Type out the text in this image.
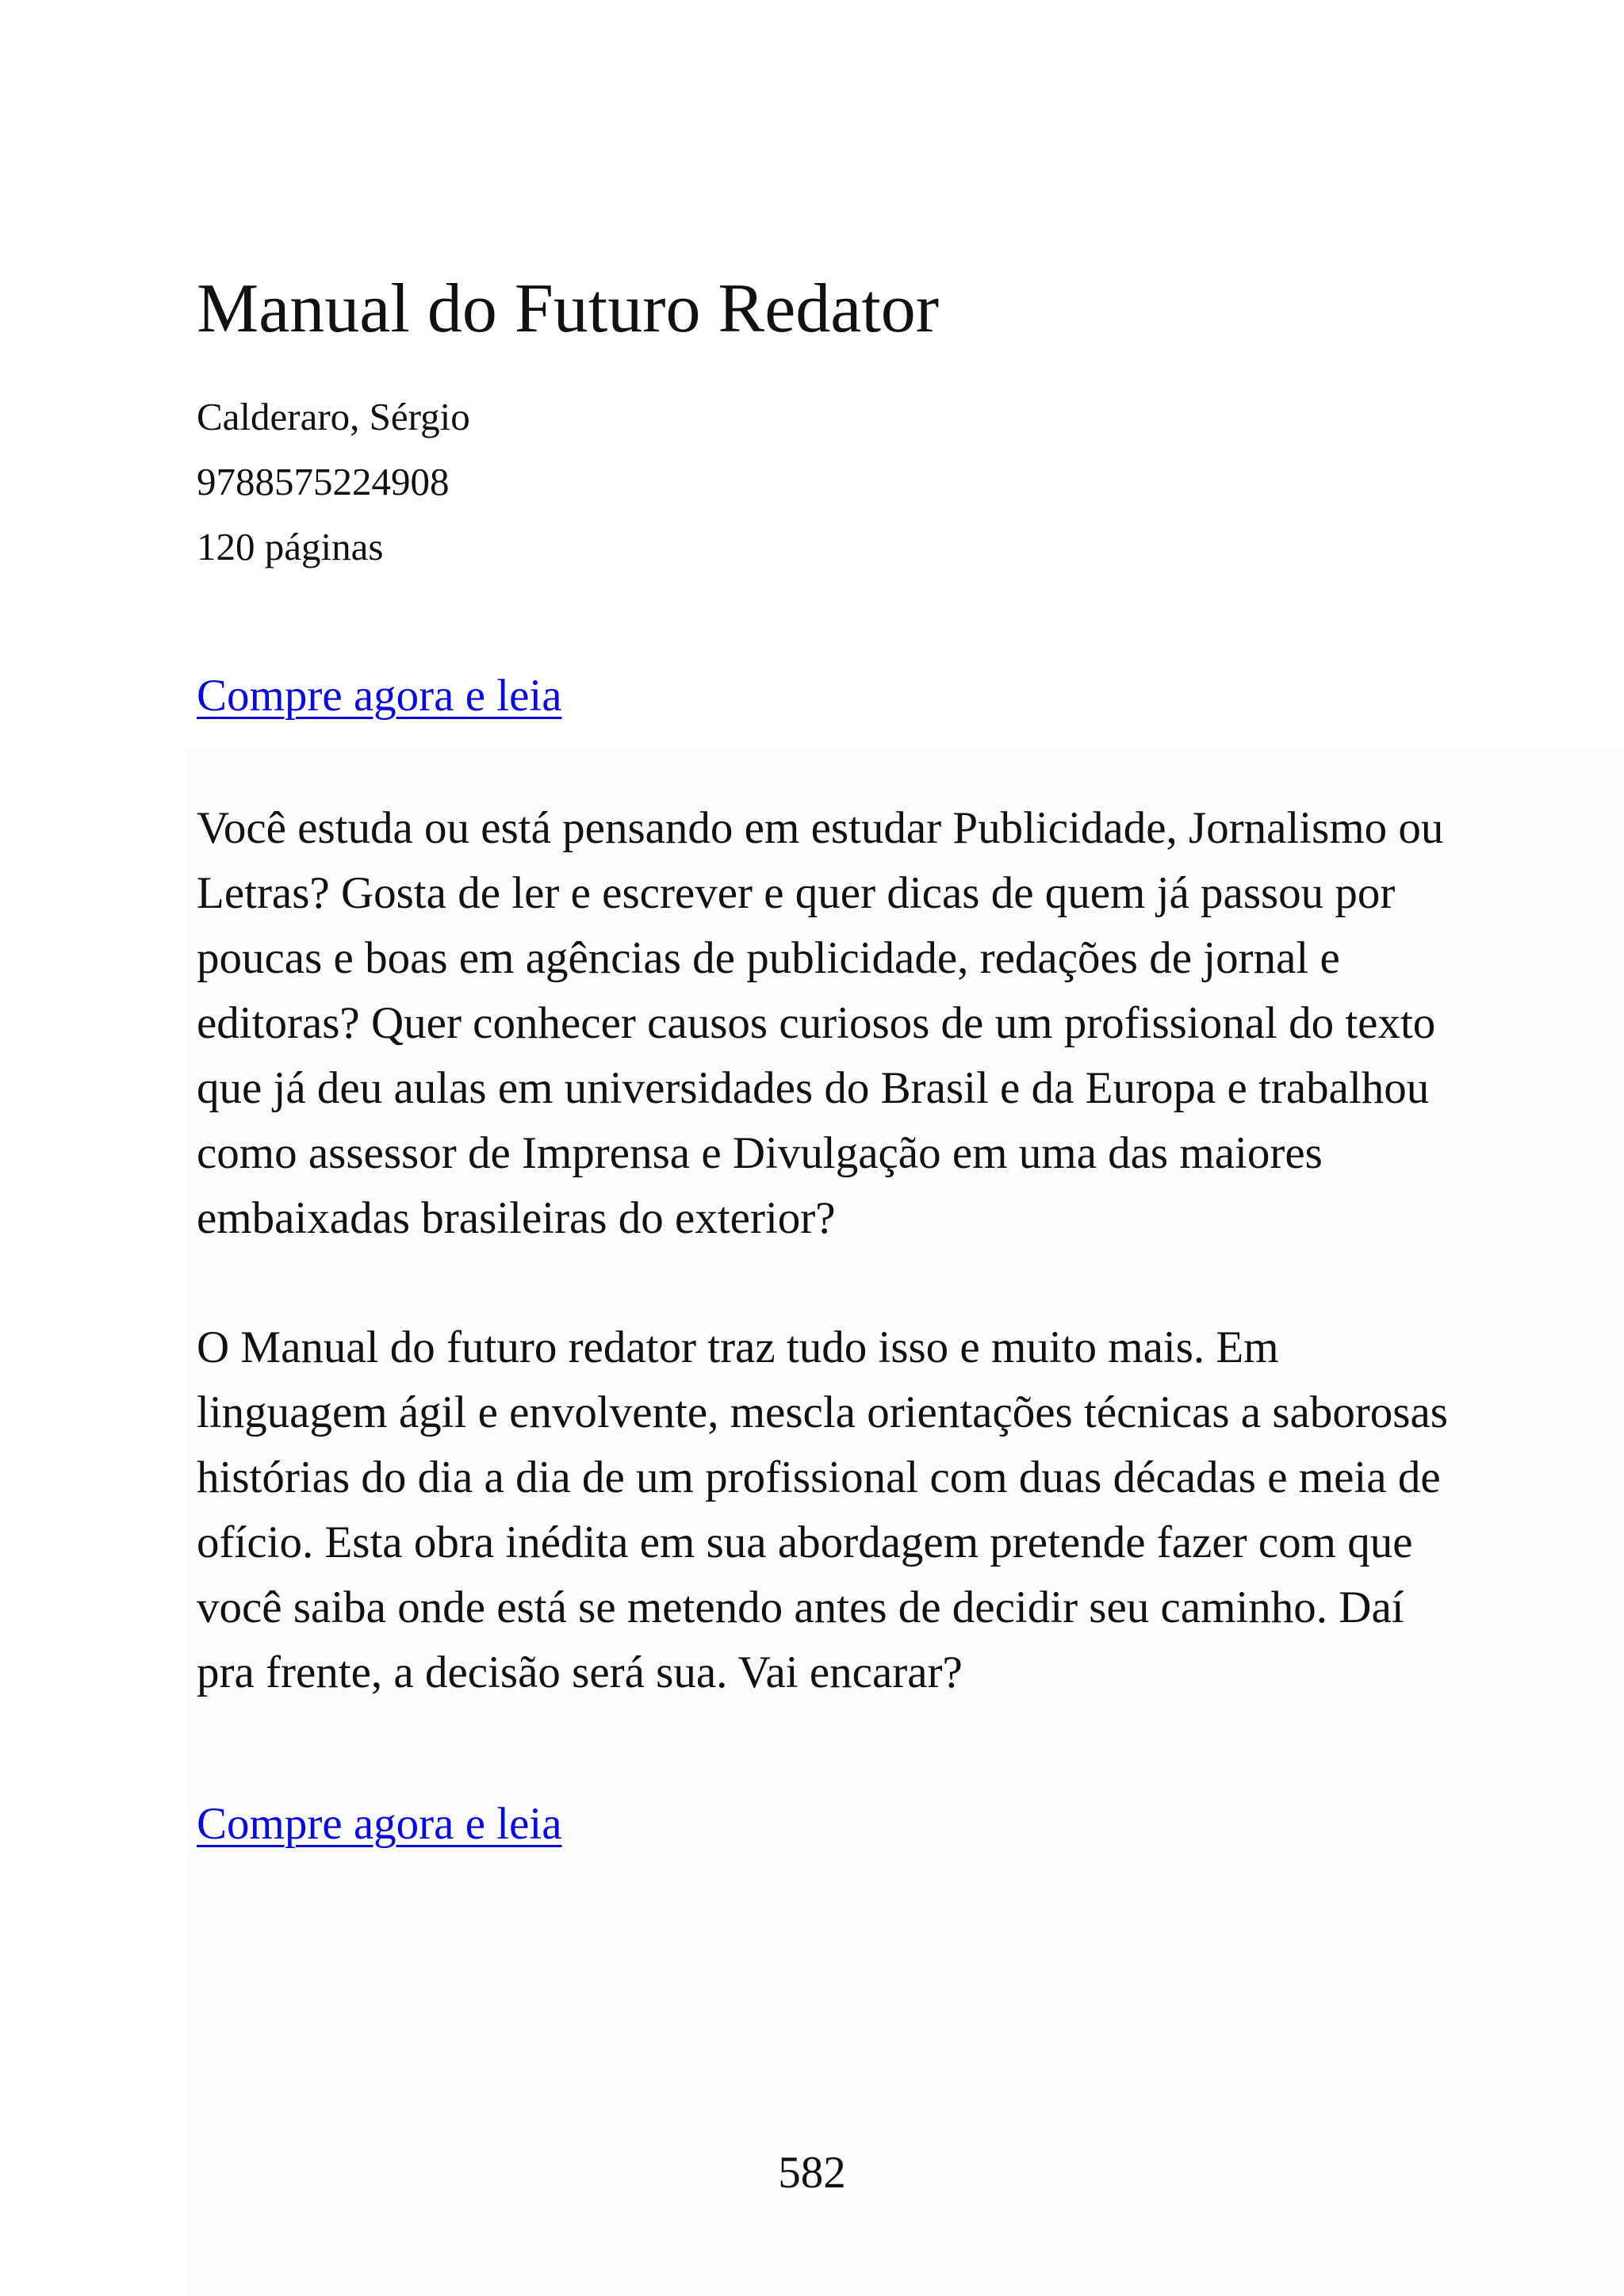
Manual do Futuro Redator
Calderaro, Sérgio
9788575224908
120 páginas
Compre agora e leia

Você estuda ou está pensando em estudar Publicidade, Jornalismo ou Letras? Gosta de ler e escrever e quer dicas de quem já passou por poucas e boas em agências de publicidade, redações de jornal e editoras? Quer conhecer causos curiosos de um profissional do texto que já deu aulas em universidades do Brasil e da Europa e trabalhou como assessor de Imprensa e Divulgação em uma das maiores embaixadas brasileiras do exterior?

O Manual do futuro redator traz tudo isso e muito mais. Em linguagem ágil e envolvente, mescla orientações técnicas a saborosas histórias do dia a dia de um profissional com duas décadas e meia de ofício. Esta obra inédita em sua abordagem pretende fazer com que você saiba onde está se metendo antes de decidir seu caminho. Daí pra frente, a decisão será sua. Vai encarar?

Compre agora e leia
582
